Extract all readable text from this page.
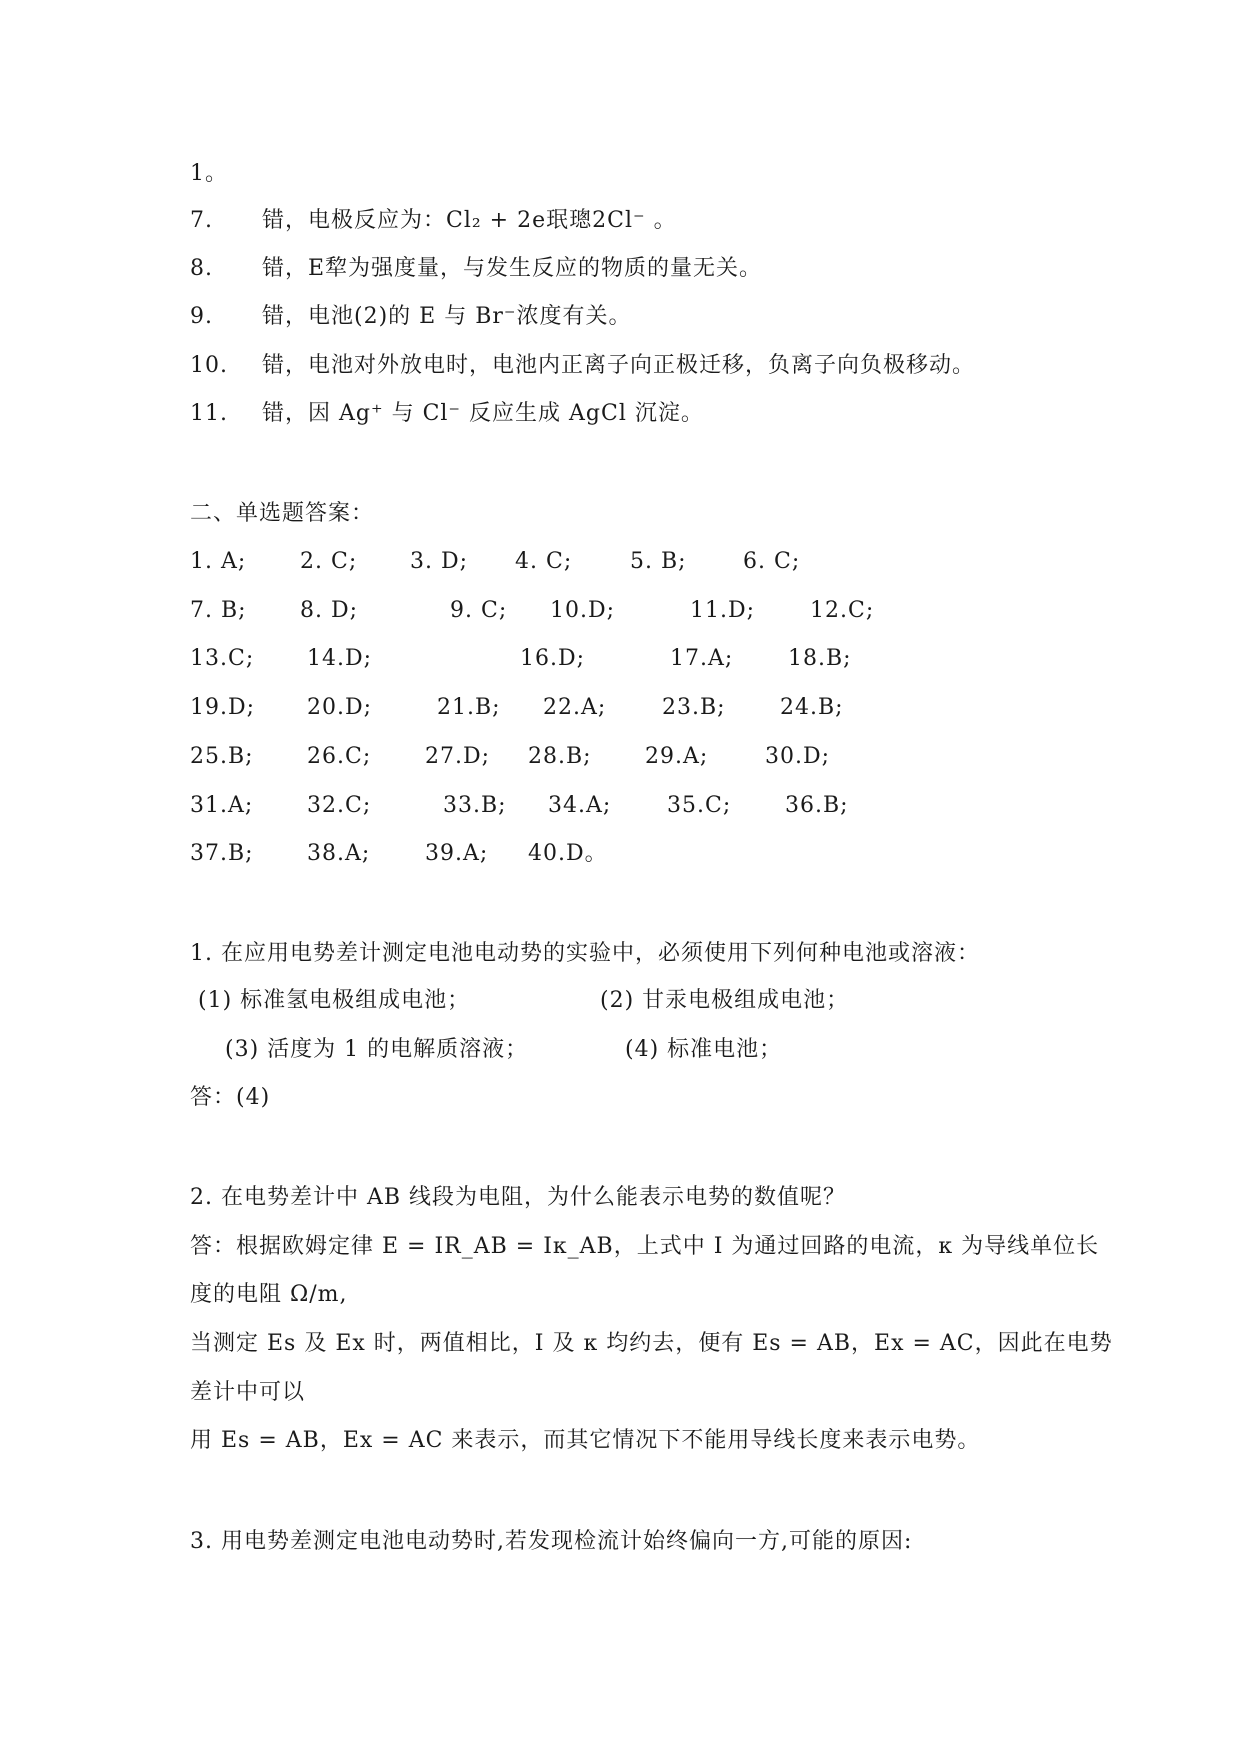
1。
7. 错，电极反应为：Cl₂ + 2e珉璁2Cl⁻ 。
8. 错，E犂为强度量，与发生反应的物质的量无关。
9. 错，电池(2)的 E 与 Br⁻浓度有关。
10. 错，电池对外放电时，电池内正离子向正极迁移，负离子向负极移动。
11. 错，因 Ag⁺ 与 Cl⁻ 反应生成 AgCl 沉淀。
二、单选题答案：
1. A; 2. C; 3. D; 4. C;	5. B;	6. C;
7. B; 8. D;	9. C; 10.D;	11.D; 12.C;
13.C; 14.D;	16.D;	17.A; 18.B;
19.D; 20.D;	21.B; 22.A;	23.B; 24.B;
25.B; 26.C; 27.D; 28.B; 29.A;	30.D;
31.A; 32.C;	33.B; 34.A;	35.C; 36.B;
37.B; 38.A; 39.A; 40.D。
1. 在应用电势差计测定电池电动势的实验中，必须使用下列何种电池或溶液：
(1) 标准氢电极组成电池；	(2) 甘汞电极组成电池；
(3) 活度为 1 的电解质溶液；	(4) 标准电池；
答：(4)
2. 在电势差计中 AB 线段为电阻，为什么能表示电势的数值呢？
答：根据欧姆定律 E = IR_AB = Iκ_AB，上式中 I 为通过回路的电流，κ 为导线单位长
度的电阻 Ω/m,
当测定 Es 及 Ex 时，两值相比，I 及 κ 均约去，便有 Es = AB，Ex = AC，因此在电势
差计中可以
用 Es = AB，Ex = AC 来表示，而其它情况下不能用导线长度来表示电势。
3. 用电势差测定电池电动势时,若发现检流计始终偏向一方,可能的原因:
